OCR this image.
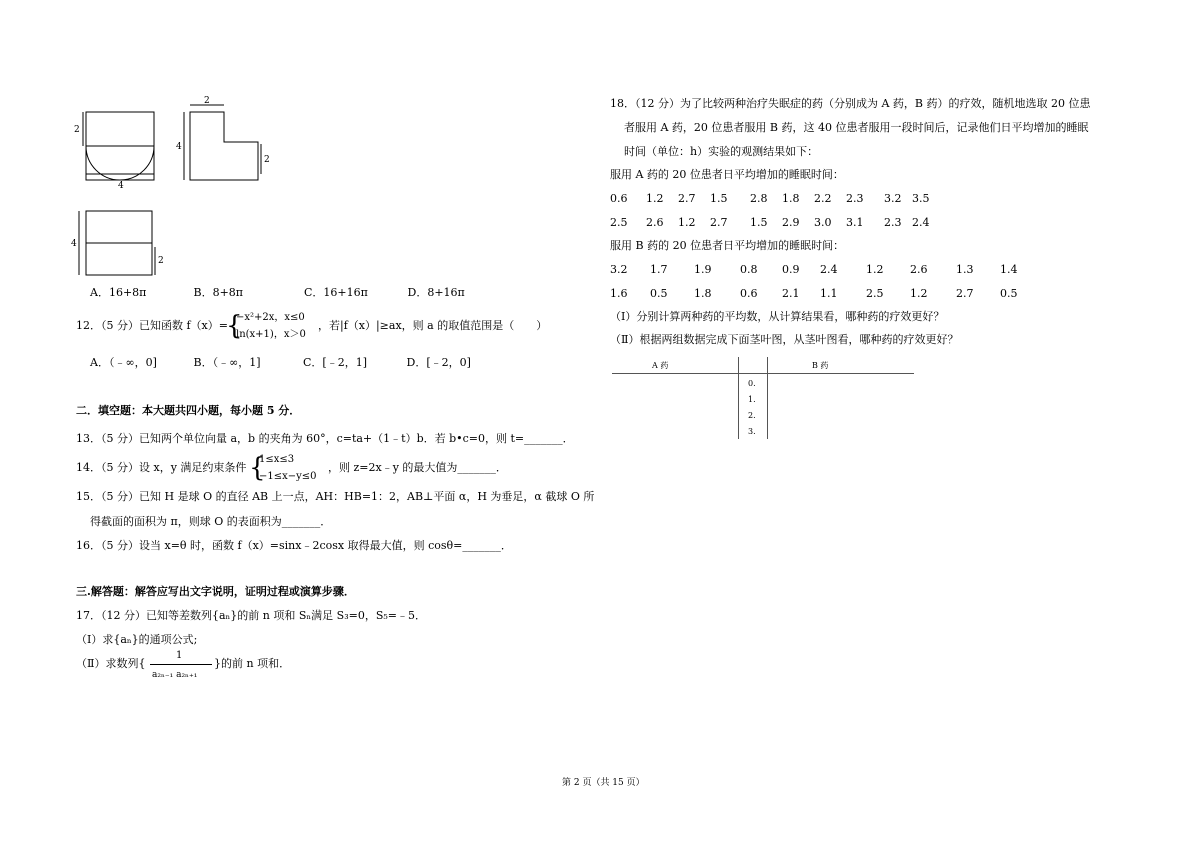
2
4
2
4
2
4
2
A．16+8π	B．8+8π	C．16+16π	D．8+16π
12．（5 分）已知函数 f（x）=
{
−x²+2x，x≤0
ln(x+1)，x＞0
，若|f（x）|≥ax，则 a 的取值范围是（　　）
A．（﹣∞，0]	B．（﹣∞，1]	C．[﹣2，1]	D．[﹣2，0]
二．填空题：本大题共四小题，每小题 5 分．
13．（5 分）已知两个单位向量 a，b 的夹角为 60°，c=ta+（1﹣t）b．若 b•c=0，则 t=_______．
14．（5 分）设 x，y 满足约束条件 {
1≤x≤3
−1≤x−y≤0
，则 z=2x﹣y 的最大值为_______．
15．（5 分）已知 H 是球 O 的直径 AB 上一点，AH：HB=1：2，AB⊥平面 α，H 为垂足，α 截球 O 所
得截面的面积为 π，则球 O 的表面积为_______．
16．（5 分）设当 x=θ 时，函数 f（x）=sinx﹣2cosx 取得最大值，则 cosθ=_______．
三.解答题：解答应写出文字说明，证明过程或演算步骤．
17．（12 分）已知等差数列{aₙ}的前 n 项和 Sₙ满足 S₃=0，S₅=﹣5．
（Ⅰ）求{aₙ}的通项公式;
（Ⅱ）求数列{
1
a₂ₙ₋₁ a₂ₙ₊₁
}的前 n 项和．
18．（12 分）为了比较两种治疗失眠症的药（分别成为 A 药，B 药）的疗效，随机地选取 20 位患
者服用 A 药，20 位患者服用 B 药，这 40 位患者服用一段时间后，记录他们日平均增加的睡眠
时间（单位：h）实验的观测结果如下：
服用 A 药的 20 位患者日平均增加的睡眠时间：
0.6 1.2 2.7 1.5 2.8 1.8 2.2 2.3 3.2 3.5
2.5 2.6 1.2 2.7 1.5 2.9 3.0 3.1 2.3 2.4
服用 B 药的 20 位患者日平均增加的睡眠时间：
3.2 1.7 1.9	0.8 0.9 2.4	1.2 2.6	1.3 1.4
1.6 0.5 1.8	0.6 2.1 1.1	2.5 1.2	2.7 0.5
（Ⅰ）分别计算两种药的平均数，从计算结果看，哪种药的疗效更好？
（Ⅱ）根据两组数据完成下面茎叶图，从茎叶图看，哪种药的疗效更好？
A 药	B 药
0.
1.
2.
3.
第 2 页（共 15 页）
